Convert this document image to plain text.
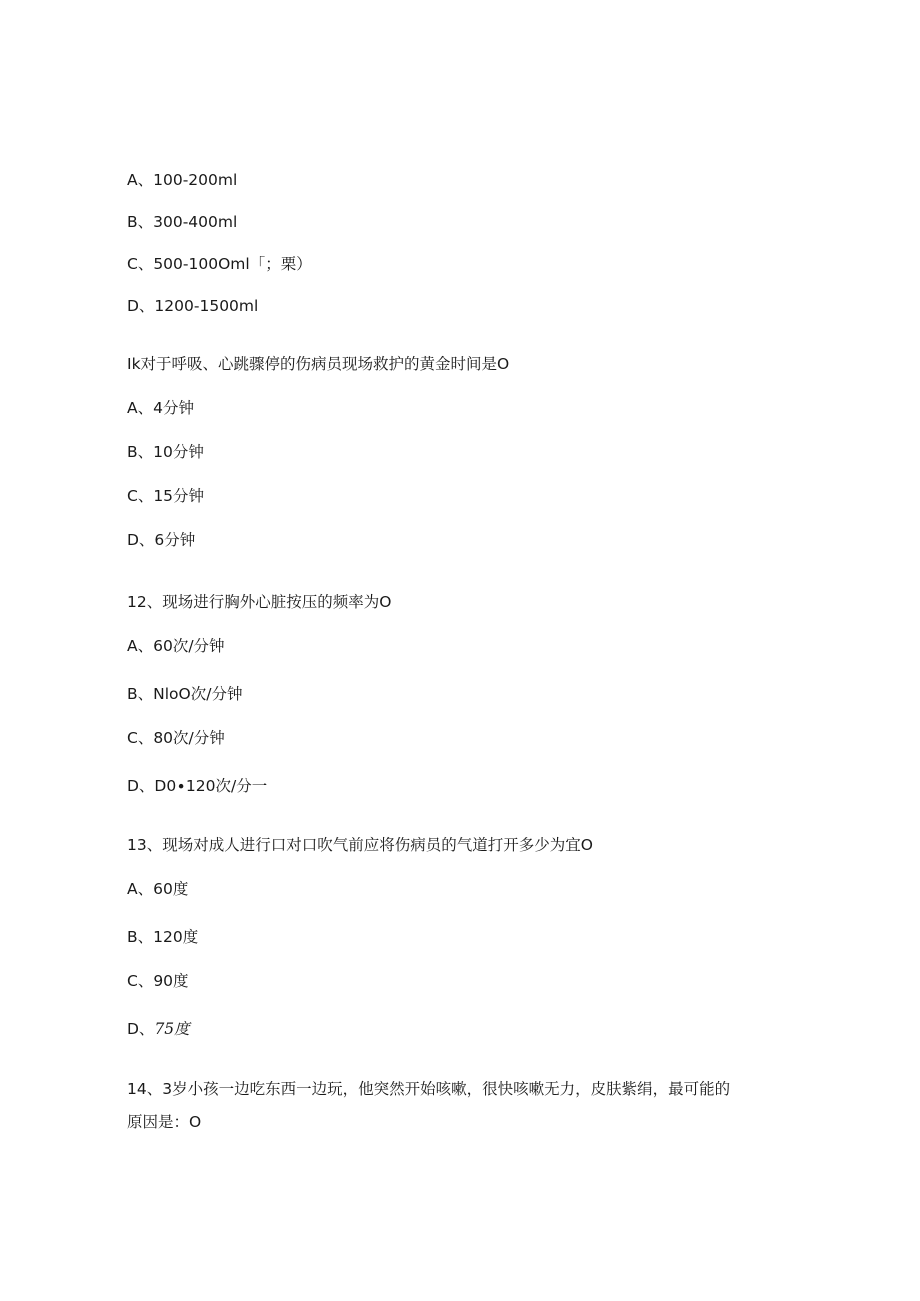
A、100-200ml
B、300-400ml
C、500-100Oml「；栗）
D、1200-1500ml
Ik对于呼吸、心跳骤停的伤病员现场救护的黄金时间是O
A、4分钟
B、10分钟
C、15分钟
D、6分钟
12、现场进行胸外心脏按压的频率为O
A、60次/分钟
B、NloO次/分钟
C、80次/分钟
D、D0∙120次/分一
13、现场对成人进行口对口吹气前应将伤病员的气道打开多少为宜O
A、60度
B、120度
C、90度
D、75度
14、3岁小孩一边吃东西一边玩，他突然开始咳嗽，很快咳嗽无力，皮肤紫绢，最可能的
原因是：O
